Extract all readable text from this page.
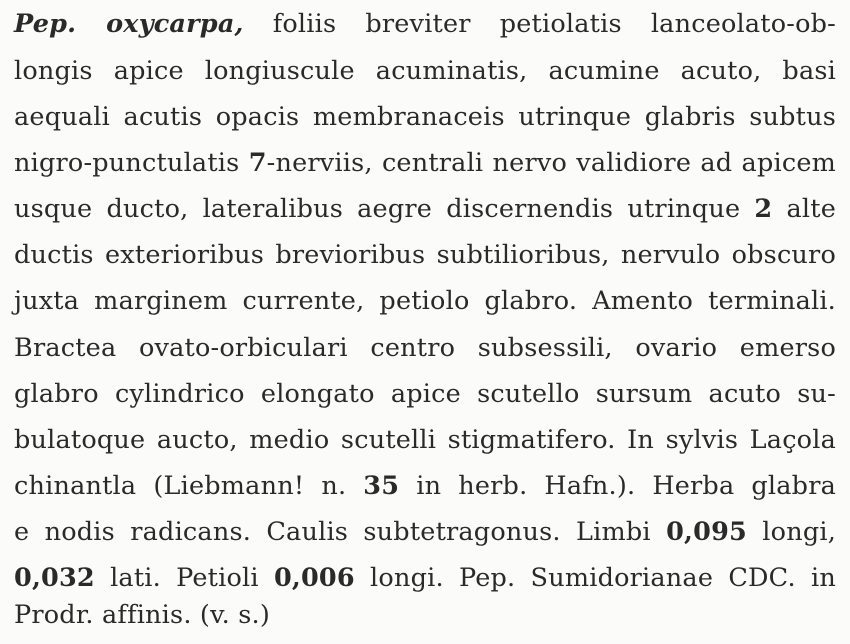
Pep. oxycarpa, foliis breviter petiolatis lanceolato-ob-
longis apice longiuscule acuminatis, acumine acuto, basi
aequali acutis opacis membranaceis utrinque glabris subtus
nigro-punctulatis 7-nerviis, centrali nervo validiore ad apicem
usque ducto, lateralibus aegre discernendis utrinque 2 alte
ductis exterioribus brevioribus subtilioribus, nervulo obscuro
juxta marginem currente, petiolo glabro. Amento terminali.
Bractea ovato-orbiculari centro subsessili, ovario emerso
glabro cylindrico elongato apice scutello sursum acuto su-
bulatoque aucto, medio scutelli stigmatifero. In sylvis Laçola
chinantla (Liebmann! n. 35 in herb. Hafn.). Herba glabra
e nodis radicans. Caulis subtetragonus. Limbi 0,095 longi,
0,032 lati. Petioli 0,006 longi. Pep. Sumidorianae CDC. in
Prodr. affinis. (v. s.)
